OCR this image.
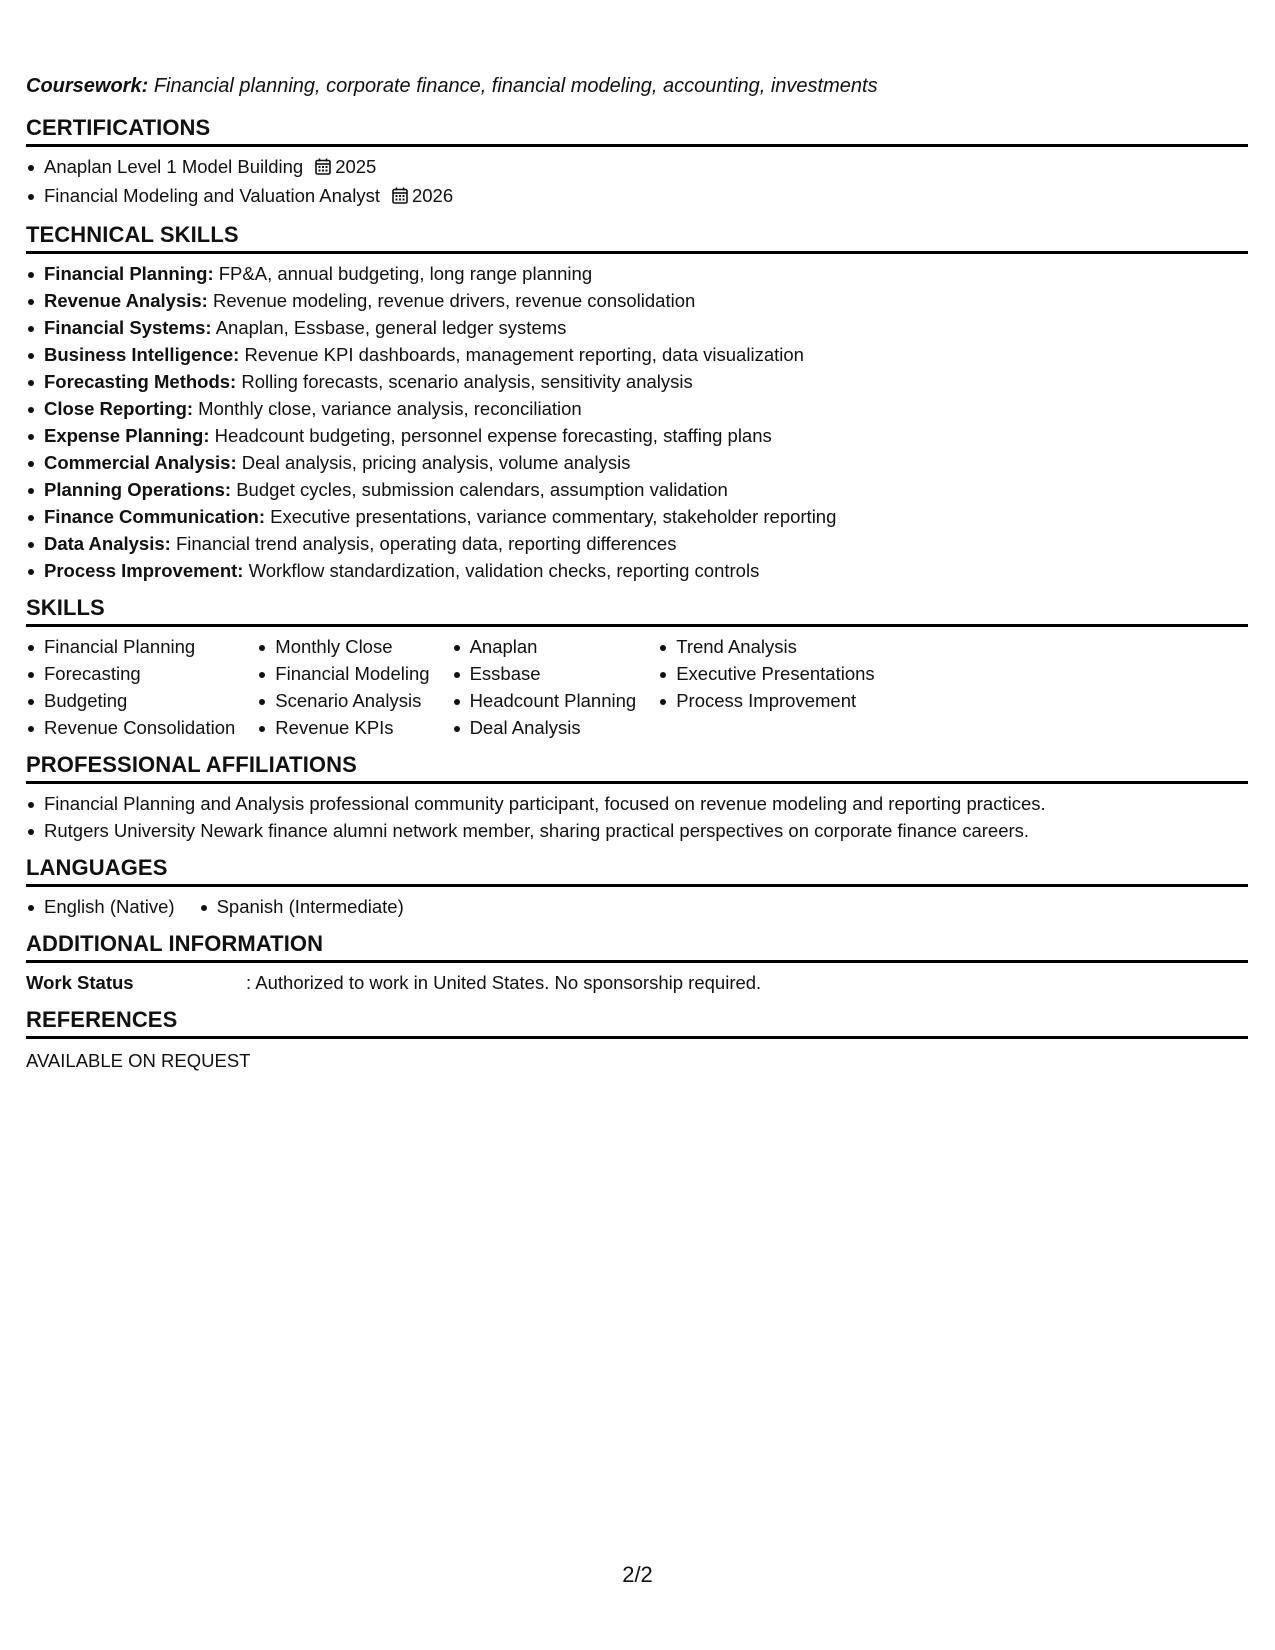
Coursework: Financial planning, corporate finance, financial modeling, accounting, investments

CERTIFICATIONS
Anaplan Level 1 Model Building 2025
Financial Modeling and Valuation Analyst 2026
TECHNICAL SKILLS
Financial Planning: FP&A, annual budgeting, long range planning
Revenue Analysis: Revenue modeling, revenue drivers, revenue consolidation
Financial Systems: Anaplan, Essbase, general ledger systems
Business Intelligence: Revenue KPI dashboards, management reporting, data visualization
Forecasting Methods: Rolling forecasts, scenario analysis, sensitivity analysis
Close Reporting: Monthly close, variance analysis, reconciliation
Expense Planning: Headcount budgeting, personnel expense forecasting, staffing plans
Commercial Analysis: Deal analysis, pricing analysis, volume analysis
Planning Operations: Budget cycles, submission calendars, assumption validation
Finance Communication: Executive presentations, variance commentary, stakeholder reporting
Data Analysis: Financial trend analysis, operating data, reporting differences
Process Improvement: Workflow standardization, validation checks, reporting controls
SKILLS
Financial Planning
Forecasting
Budgeting
Revenue Consolidation
Monthly Close
Financial Modeling
Scenario Analysis
Revenue KPIs
Anaplan
Essbase
Headcount Planning
Deal Analysis
Trend Analysis
Executive Presentations
Process Improvement
PROFESSIONAL AFFILIATIONS
Financial Planning and Analysis professional community participant, focused on revenue modeling and reporting practices.
Rutgers University Newark finance alumni network member, sharing practical perspectives on corporate finance careers.
LANGUAGES
English (Native)	Spanish (Intermediate)
ADDITIONAL INFORMATION
Work Status	: Authorized to work in United States. No sponsorship required.
REFERENCES
AVAILABLE ON REQUEST
2/2
